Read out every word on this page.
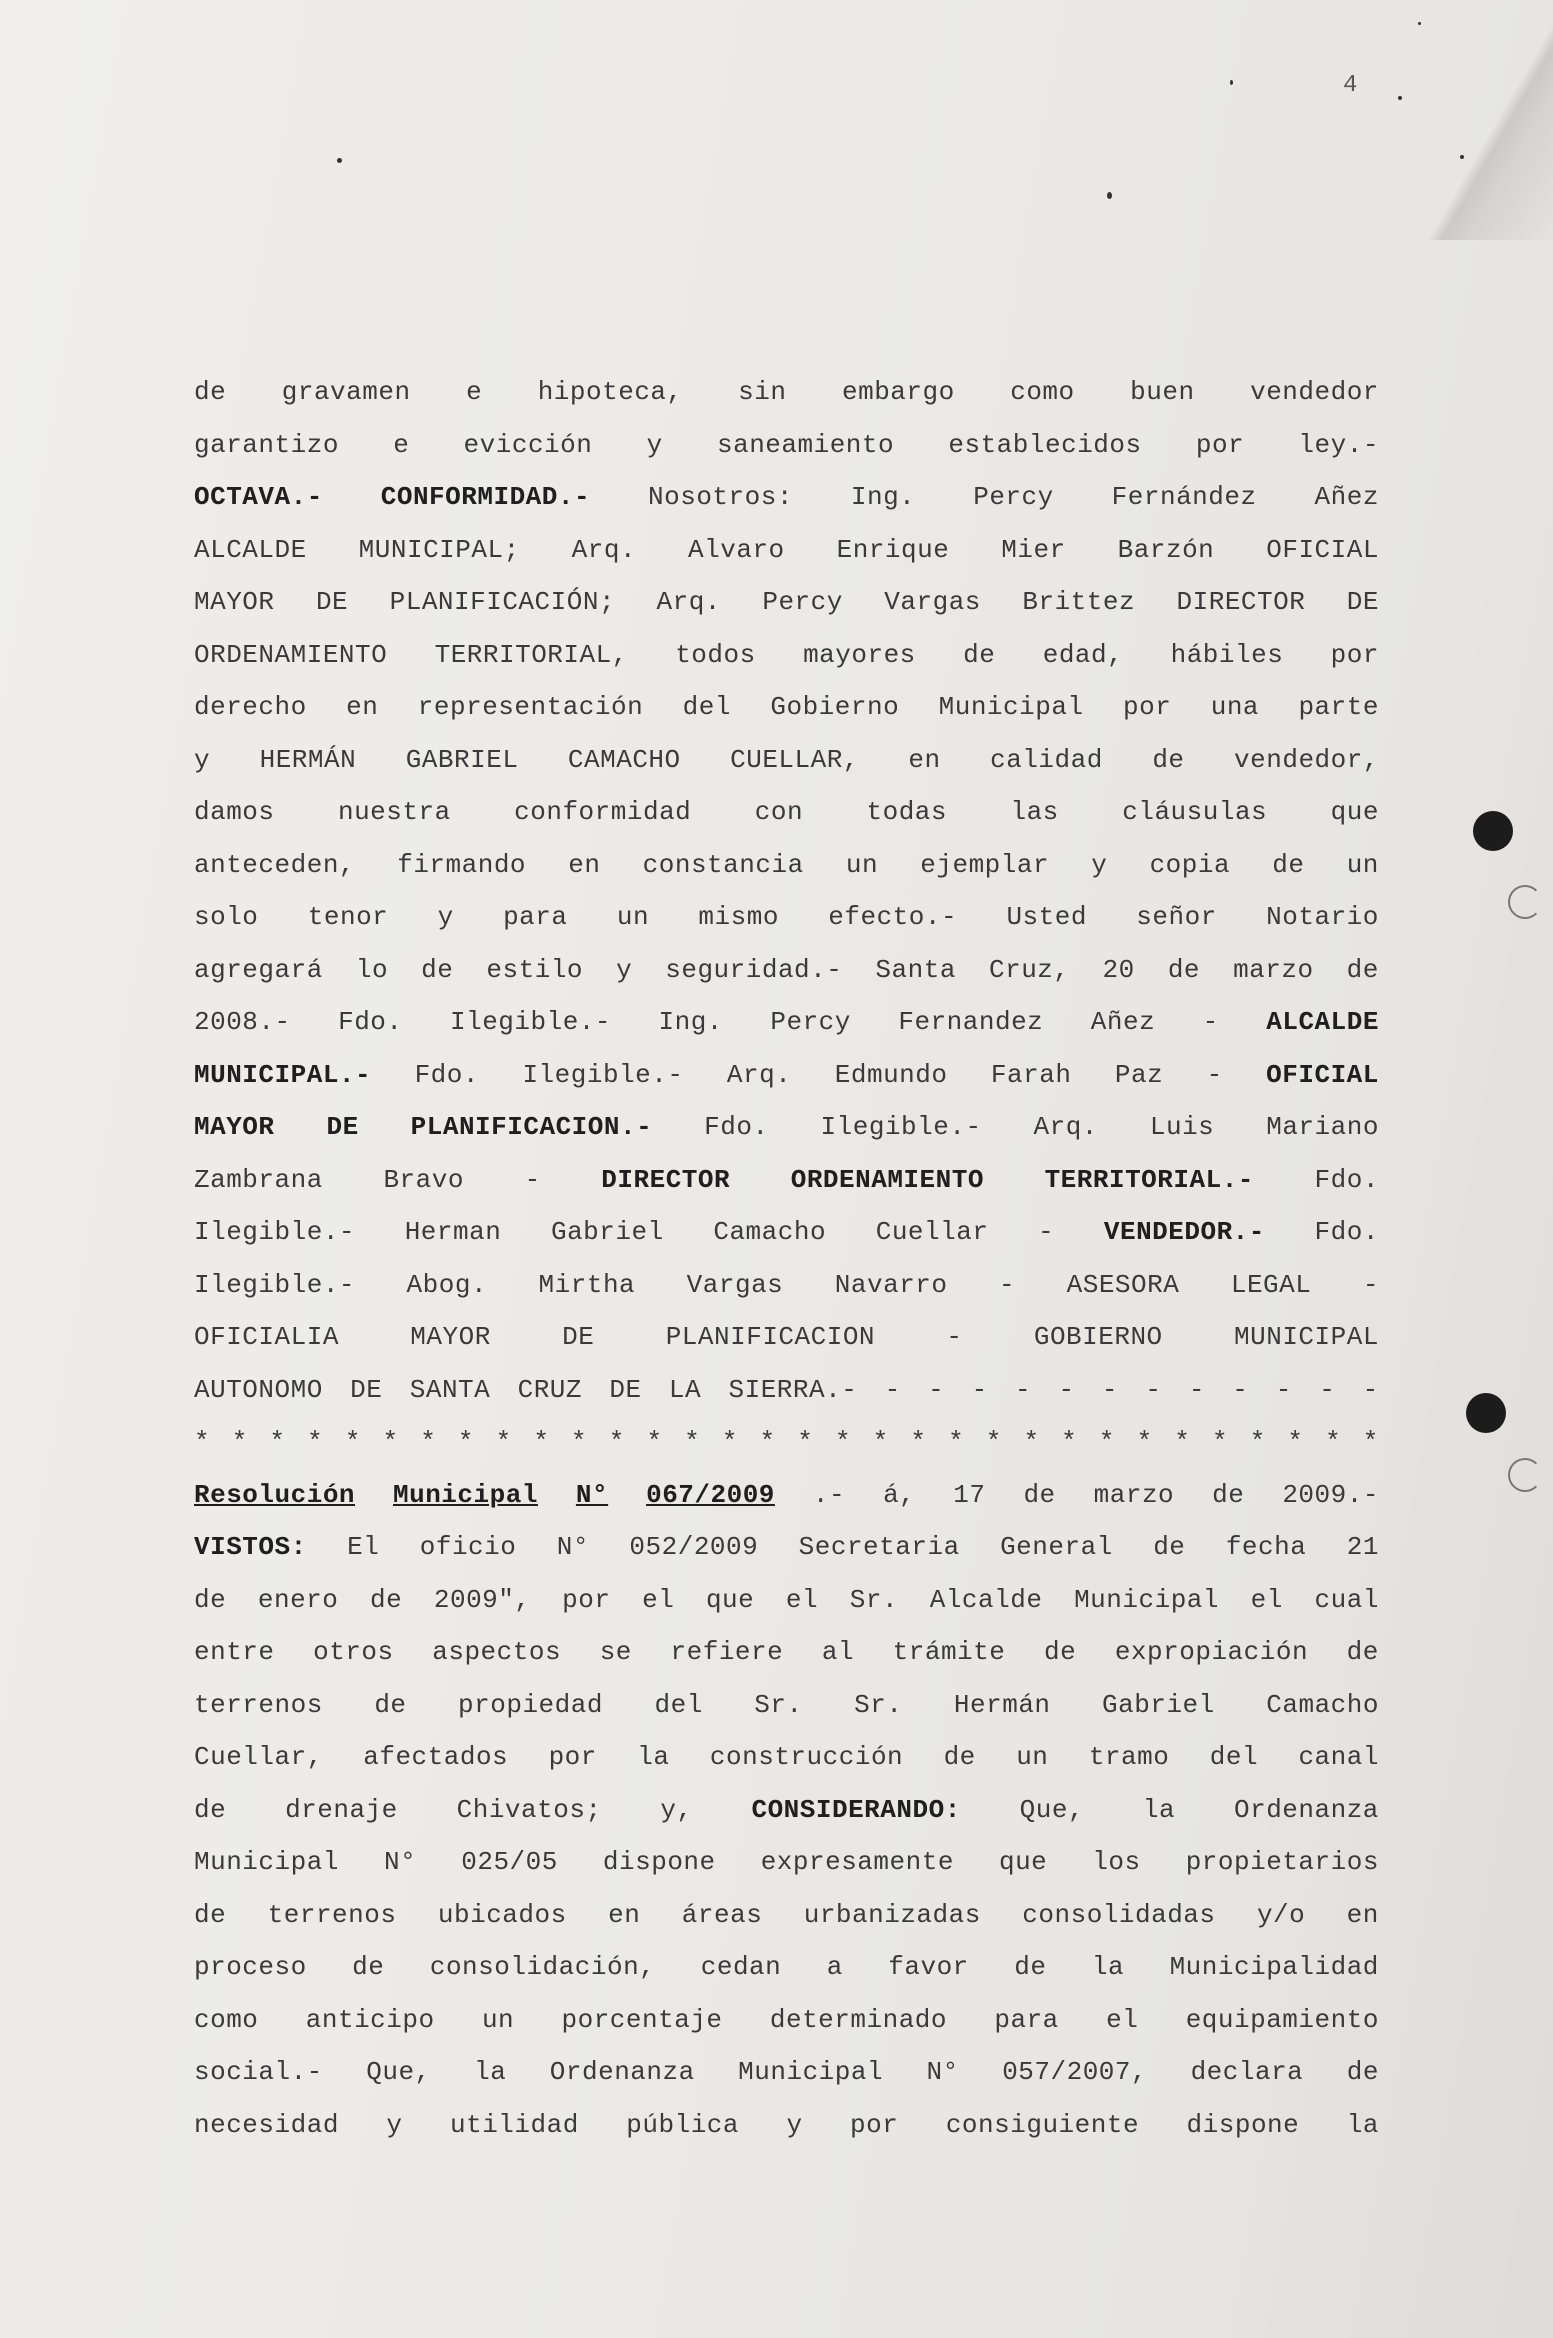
4
de gravamen e hipoteca, sin embargo como buen vendedor
garantizo e evicción y saneamiento establecidos por ley.-
OCTAVA.- CONFORMIDAD.- Nosotros: Ing. Percy Fernández Añez
ALCALDE MUNICIPAL; Arq. Alvaro Enrique Mier Barzón OFICIAL
MAYOR DE PLANIFICACIÓN; Arq. Percy Vargas Brittez DIRECTOR DE
ORDENAMIENTO TERRITORIAL, todos mayores de edad, hábiles por
derecho en representación del Gobierno Municipal por una parte
y HERMÁN GABRIEL CAMACHO CUELLAR, en calidad de vendedor,
damos nuestra conformidad con todas las cláusulas que
anteceden, firmando en constancia un ejemplar y copia de un
solo tenor y para un mismo efecto.- Usted señor Notario
agregará lo de estilo y seguridad.- Santa Cruz, 20 de marzo de
2008.- Fdo. Ilegible.- Ing. Percy Fernandez Añez - ALCALDE
MUNICIPAL.- Fdo. Ilegible.- Arq. Edmundo Farah Paz - OFICIAL
MAYOR DE PLANIFICACION.- Fdo. Ilegible.- Arq. Luis Mariano
Zambrana Bravo - DIRECTOR ORDENAMIENTO TERRITORIAL.- Fdo.
Ilegible.- Herman Gabriel Camacho Cuellar - VENDEDOR.- Fdo.
Ilegible.- Abog. Mirtha Vargas Navarro - ASESORA LEGAL -
OFICIALIA	MAYOR	DE	PLANIFICACION	-	GOBIERNO	MUNICIPAL
AUTONOMO DE SANTA CRUZ DE LA SIERRA.- - - - - - - - - - - - -
* * * * * * * * * * * * * * * * * * * * * * * * * * * * * * * *
Resolución Municipal N° 067/2009 .- á, 17 de marzo de 2009.-
VISTOS: El oficio N° 052/2009 Secretaria General de fecha 21
de enero de 2009", por el que el Sr. Alcalde Municipal el cual
entre otros aspectos se refiere al trámite de expropiación de
terrenos de propiedad del Sr. Sr. Hermán Gabriel Camacho
Cuellar, afectados por la construcción de un tramo del canal
de drenaje Chivatos; y, CONSIDERANDO: Que, la Ordenanza
Municipal N° 025/05 dispone expresamente que los propietarios
de terrenos ubicados en áreas urbanizadas consolidadas y/o en
proceso de consolidación, cedan a favor de la Municipalidad
como anticipo un porcentaje determinado para el equipamiento
social.- Que, la Ordenanza Municipal N° 057/2007, declara de
necesidad y utilidad pública y por consiguiente dispone la
